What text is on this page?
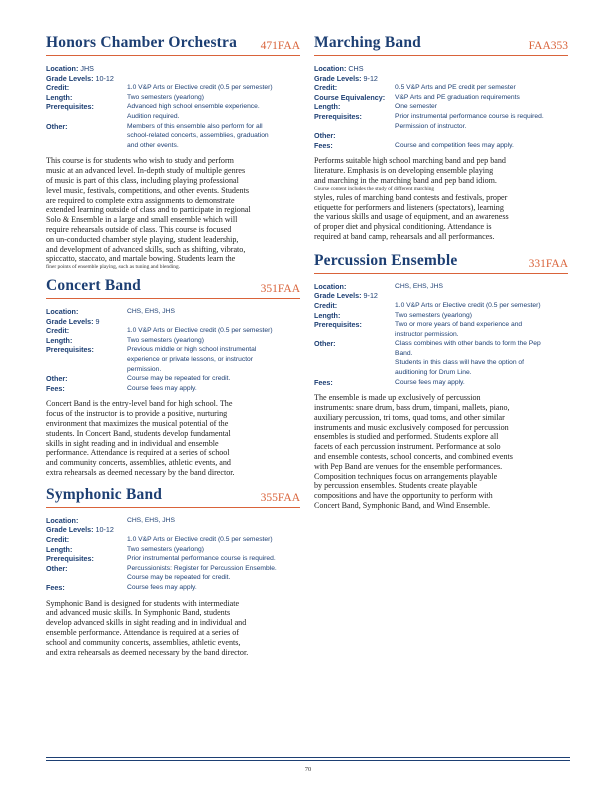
Honors Chamber Orchestra 471FAA
Location: JHS
Grade Levels: 10-12
Credit:	1.0 V&P Arts or Elective credit (0.5 per semester)
Length:	Two semesters (yearlong)
Prerequisites:	Advanced high school ensemble experience.
Audition required.
Other:	Members of this ensemble also perform for all
school-related concerts, assemblies, graduation
and other events.
This course is for students who wish to study and perform
music at an advanced level. In-depth study of multiple genres
of music is part of this class, including playing professional
level music, festivals, competitions, and other events. Students
are required to complete extra assignments to demonstrate
extended learning outside of class and to participate in regional
Solo & Ensemble in a large and small ensemble which will
require rehearsals outside of class. This course is focused
on un-conducted chamber style playing, student leadership,
and development of advanced skills, such as shifting, vibrato,
spiccatto, staccato, and martale bowing. Students learn the
finer points of ensemble playing, such as tuning and blending.
Concert Band	351FAA
Location:	CHS, EHS, JHS
Grade Levels: 9
Credit:	1.0 V&P Arts or Elective credit (0.5 per semester)
Length:	Two semesters (yearlong)
Prerequisites:	Previous middle or high school instrumental
experience or private lessons, or instructor
permission.
Other:	Course may be repeated for credit.
Fees:	Course fees may apply.
Concert Band is the entry-level band for high school. The
focus of the instructor is to provide a positive, nurturing
environment that maximizes the musical potential of the
students. In Concert Band, students develop fundamental
skills in sight reading and in individual and ensemble
performance. Attendance is required at a series of school
and community concerts, assemblies, athletic events, and
extra rehearsals as deemed necessary by the band director.
Symphonic Band	355FAA
Location:	CHS, EHS, JHS
Grade Levels: 10-12
Credit:	1.0 V&P Arts or Elective credit (0.5 per semester)
Length:	Two semesters (yearlong)
Prerequisites:	Prior instrumental performance course is required.
Other:	Percussionists: Register for Percussion Ensemble.
Course may be repeated for credit.
Fees:	Course fees may apply.
Symphonic Band is designed for students with intermediate
and advanced music skills. In Symphonic Band, students
develop advanced skills in sight reading and in individual and
ensemble performance. Attendance is required at a series of
school and community concerts, assemblies, athletic events,
and extra rehearsals as deemed necessary by the band director.
Marching Band	FAA353
Location: CHS
Grade Levels: 9-12
Credit:	0.5 V&P Arts and PE credit per semester
Course Equivalency:	V&P Arts and PE graduation requirements
Length:	One semester
Prerequisites:	Prior instrumental performance course is required.
Permission of instructor.
Other:
Fees:	Course and competition fees may apply.
Performs suitable high school marching band and pep band
literature. Emphasis is on developing ensemble playing
and marching in the marching band and pep band idiom.
Course content includes the study of different marching
styles, rules of marching band contests and festivals, proper
etiquette for performers and listeners (spectators), learning
the various skills and usage of equipment, and an awareness
of proper diet and physical conditioning. Attendance is
required at band camp, rehearsals and all performances.
Percussion Ensemble	331FAA
Location:	CHS, EHS, JHS
Grade Levels: 9-12
Credit:	1.0 V&P Arts or Elective credit (0.5 per semester)
Length:	Two semesters (yearlong)
Prerequisites:	Two or more years of band experience and
instructor permission.
Other:	Class combines with other bands to form the Pep
Band.
Students in this class will have the option of
auditioning for Drum Line.
Fees:	Course fees may apply.
The ensemble is made up exclusively of percussion
instruments: snare drum, bass drum, timpani, mallets, piano,
auxiliary percussion, tri toms, quad toms, and other similar
instruments and music exclusively composed for percussion
ensembles is studied and performed. Students explore all
facets of each percussion instrument. Performance at solo
and ensemble contests, school concerts, and combined events
with Pep Band are venues for the ensemble performances.
Composition techniques focus on arrangements playable
by percussion ensembles. Students create playable
compositions and have the opportunity to perform with
Concert Band, Symphonic Band, and Wind Ensemble.
70
